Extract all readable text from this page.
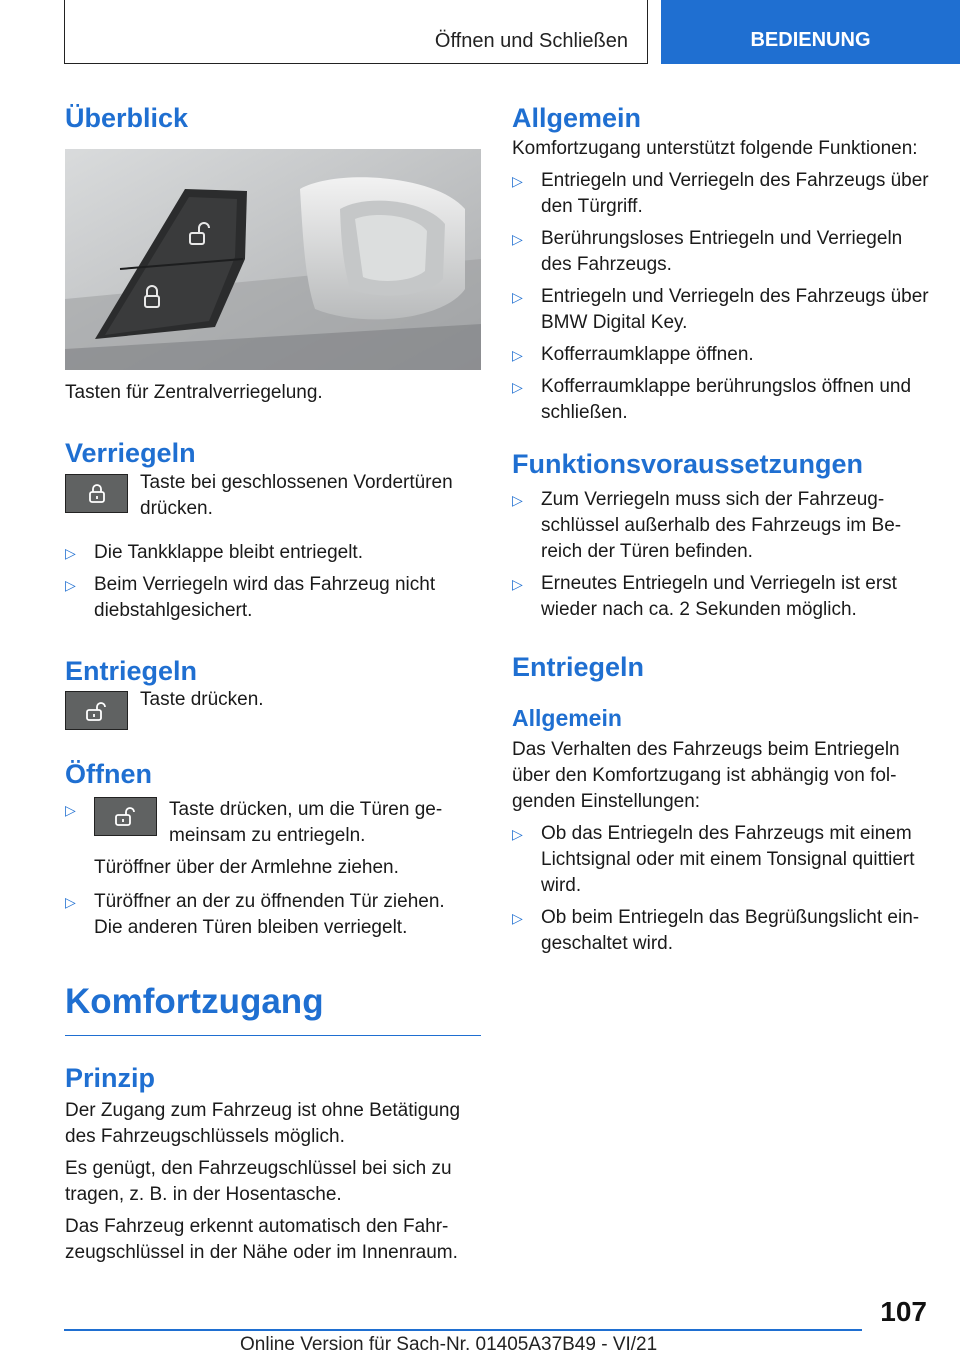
Öffnen und Schließen	BEDIENUNG
Überblick

Tasten für Zentralverriegelung.

Verriegeln

Taste bei geschlossenen Vordertüren drücken.

▷ Die Tankklappe bleibt entriegelt.
▷ Beim Verriegeln wird das Fahrzeug nicht diebstahlgesichert.
Entriegeln

Taste drücken.

Öffnen
▷	Taste drücken, um die Türen gemeinsam zu entriegeln.
Türöffner über der Armlehne ziehen.
▷ Türöffner an der zu öffnenden Tür ziehen.
Die anderen Türen bleiben verriegelt.
Komfortzugang
Prinzip

Der Zugang zum Fahrzeug ist ohne Betätigung des Fahrzeugschlüssels möglich.

Es genügt, den Fahrzeugschlüssel bei sich zu tragen, z. B. in der Hosentasche.

Das Fahrzeug erkennt automatisch den Fahrzeugschlüssel in der Nähe oder im Innenraum.

Allgemein

Komfortzugang unterstützt folgende Funktionen:

▷ Entriegeln und Verriegeln des Fahrzeugs über den Türgriff.
▷ Berührungsloses Entriegeln und Verriegeln des Fahrzeugs.
▷ Entriegeln und Verriegeln des Fahrzeugs über BMW Digital Key.
▷ Kofferraumklappe öffnen.
▷ Kofferraumklappe berührungslos öffnen und schließen.
Funktionsvoraussetzungen
▷ Zum Verriegeln muss sich der Fahrzeugschlüssel außerhalb des Fahrzeugs im Bereich der Türen befinden.
▷ Erneutes Entriegeln und Verriegeln ist erst wieder nach ca. 2 Sekunden möglich.
Entriegeln
Allgemein

Das Verhalten des Fahrzeugs beim Entriegeln über den Komfortzugang ist abhängig von folgenden Einstellungen:

▷ Ob das Entriegeln des Fahrzeugs mit einem Lichtsignal oder mit einem Tonsignal quittiert wird.
▷ Ob beim Entriegeln das Begrüßungslicht eingeschaltet wird.
107
Online Version für Sach-Nr. 01405A37B49 - VI/21
